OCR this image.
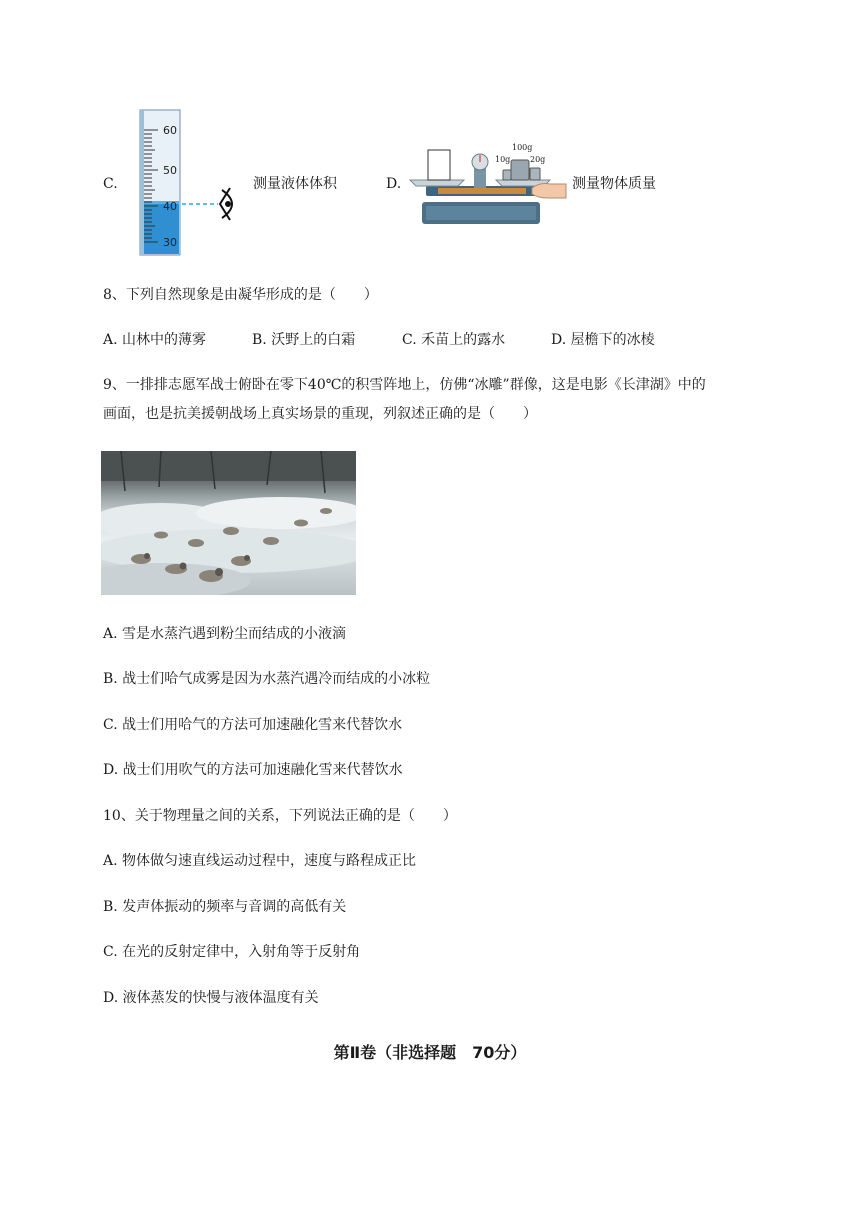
C.
60
50
40
30
测量液体体积	D.
100g
10g 20g
测量物体质量
8、下列自然现象是由凝华形成的是（　　）
A. 山林中的薄雾	B. 沃野上的白霜	C. 禾苗上的露水	D. 屋檐下的冰棱
9、一排排志愿军战士俯卧在零下40℃的积雪阵地上，仿佛“冰雕”群像，这是电影《长津湖》中的
画面，也是抗美援朝战场上真实场景的重现，列叙述正确的是（　　）
A. 雪是水蒸汽遇到粉尘而结成的小液滴
B. 战士们哈气成雾是因为水蒸汽遇冷而结成的小冰粒
C. 战士们用哈气的方法可加速融化雪来代替饮水
D. 战士们用吹气的方法可加速融化雪来代替饮水
10、关于物理量之间的关系，下列说法正确的是（　　）
A. 物体做匀速直线运动过程中，速度与路程成正比
B. 发声体振动的频率与音调的高低有关
C. 在光的反射定律中，入射角等于反射角
D. 液体蒸发的快慢与液体温度有关
第Ⅱ卷（非选择题　70分）
